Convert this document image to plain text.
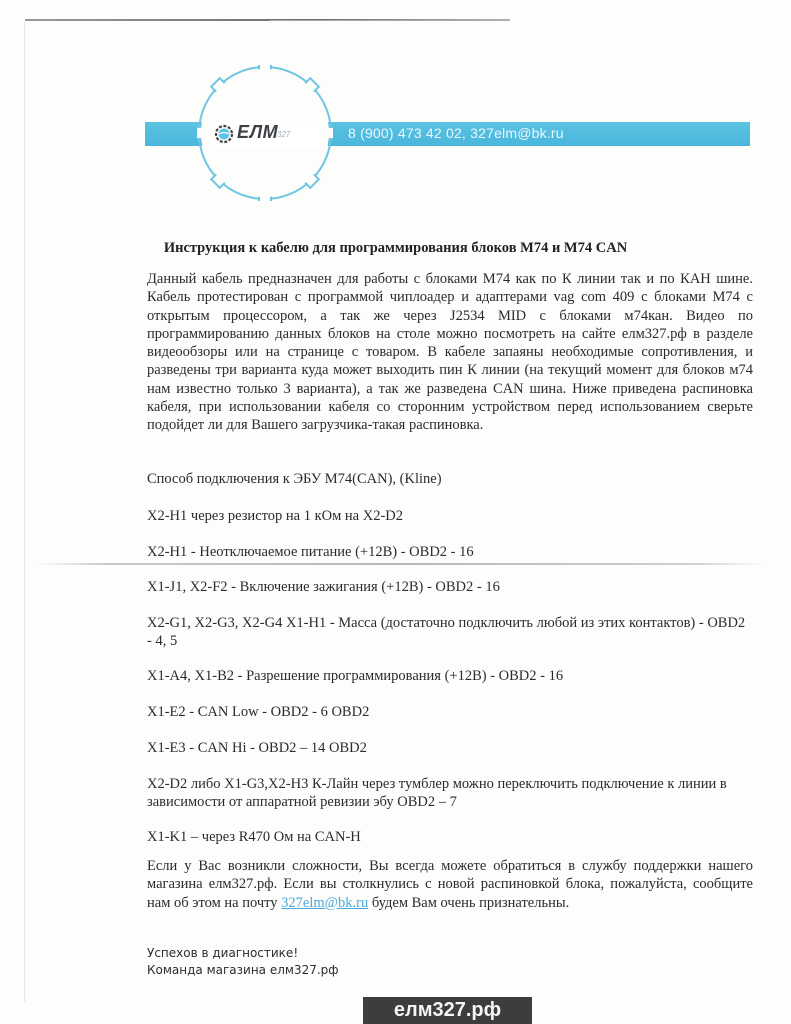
8 (900) 473 42 02, 327elm@bk.ru
ЕЛМ
327
Инструкция к кабелю для программирования блоков М74 и М74 CAN
Данный кабель предназначен для работы с блоками М74 как по К линии так и по КАН шине. Кабель протестирован с программой чиплоадер и адаптерами vag com 409 с блоками М74 с открытым процессором, а так же через J2534 MID с блоками м74кан. Видео по программированию данных блоков на столе можно посмотреть на сайте елм327.рф в разделе видеообзоры или на странице с товаром. В кабеле запаяны необходимые сопротивления, и разведены три варианта куда может выходить пин К линии (на текущий момент для блоков м74 нам известно только 3 варианта), а так же разведена CAN шина. Ниже приведена распиновка кабеля, при использовании кабеля со сторонним устройством перед использованием сверьте подойдет ли для Вашего загрузчика-такая распиновка.
Способ подключения к ЭБУ М74(CAN), (Kline)
X2-H1 через резистор на 1 кОм на X2-D2
X2-H1 - Неотключаемое питание (+12В) - OBD2 - 16
X1-J1, X2-F2 - Включение зажигания (+12В) - OBD2 - 16
X2-G1, X2-G3, X2-G4 X1-H1 - Масса (достаточно подключить любой из этих контактов) - OBD2 - 4, 5
X1-A4, X1-B2 - Разрешение программирования (+12В) - OBD2 - 16
X1-E2 - CAN Low - OBD2 - 6 OBD2
X1-E3 - CAN Hi - OBD2 – 14 OBD2
X2-D2 либо X1-G3,X2-H3 К-Лайн через тумблер можно переключить подключение к линии в зависимости от аппаратной ревизии эбу OBD2 – 7
X1-K1 – через R470 Ом на CAN-H
Если у Вас возникли сложности, Вы всегда можете обратиться в службу поддержки нашего магазина елм327.рф. Если вы столкнулись с новой распиновкой блока, пожалуйста, сообщите нам об этом на почту 327elm@bk.ru будем Вам очень признательны.
Успехов в диагностике!
Команда магазина елм327.рф
елм327.рф
